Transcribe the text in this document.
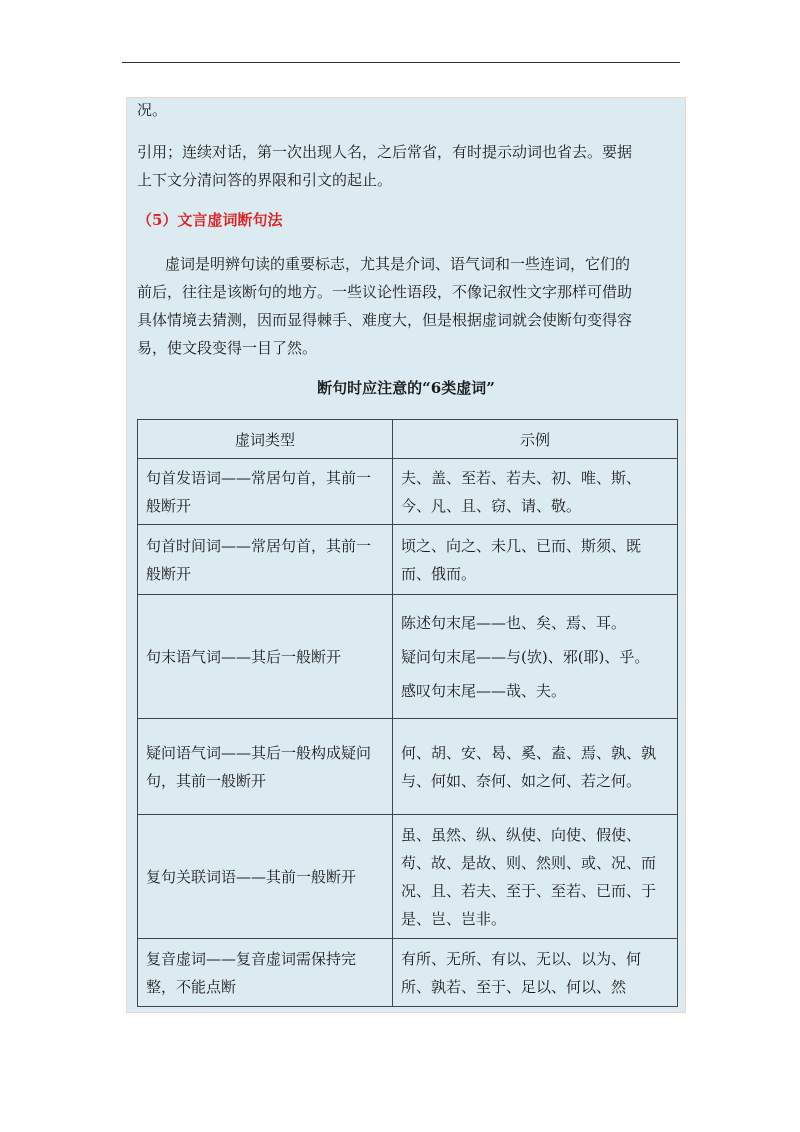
况。
引用；连续对话，第一次出现人名，之后常省，有时提示动词也省去。要据
上下文分清问答的界限和引文的起止。
（5）文言虚词断句法
虚词是明辨句读的重要标志，尤其是介词、语气词和一些连词，它们的
前后，往往是该断句的地方。一些议论性语段，不像记叙性文字那样可借助
具体情境去猜测，因而显得棘手、难度大，但是根据虚词就会使断句变得容
易，使文段变得一目了然。
断句时应注意的“6类虚词”
虚词类型	示例
句首发语词——常居句首，其前一般断开	夫、盖、至若、若夫、初、唯、斯、今、凡、且、窃、请、敬。

句首时间词——常居句首，其前一般断开	顷之、向之、未几、已而、斯须、既而、俄而。

句末语气词——其后一般断开	陈述句末尾——也、矣、焉、耳。
疑问句末尾——与(欤)、邪(耶)、乎。
感叹句末尾——哉、夫。

疑问语气词——其后一般构成疑问句，其前一般断开	何、胡、安、曷、奚、盍、焉、孰、孰与、何如、奈何、如之何、若之何。

复句关联词语——其前一般断开	虽、虽然、纵、纵使、向使、假使、苟、故、是故、则、然则、或、况、而况、且、若夫、至于、至若、已而、于是、岂、岂非。

复音虚词——复音虚词需保持完整，不能点断	有所、无所、有以、无以、以为、何所、孰若、至于、足以、何以、然
